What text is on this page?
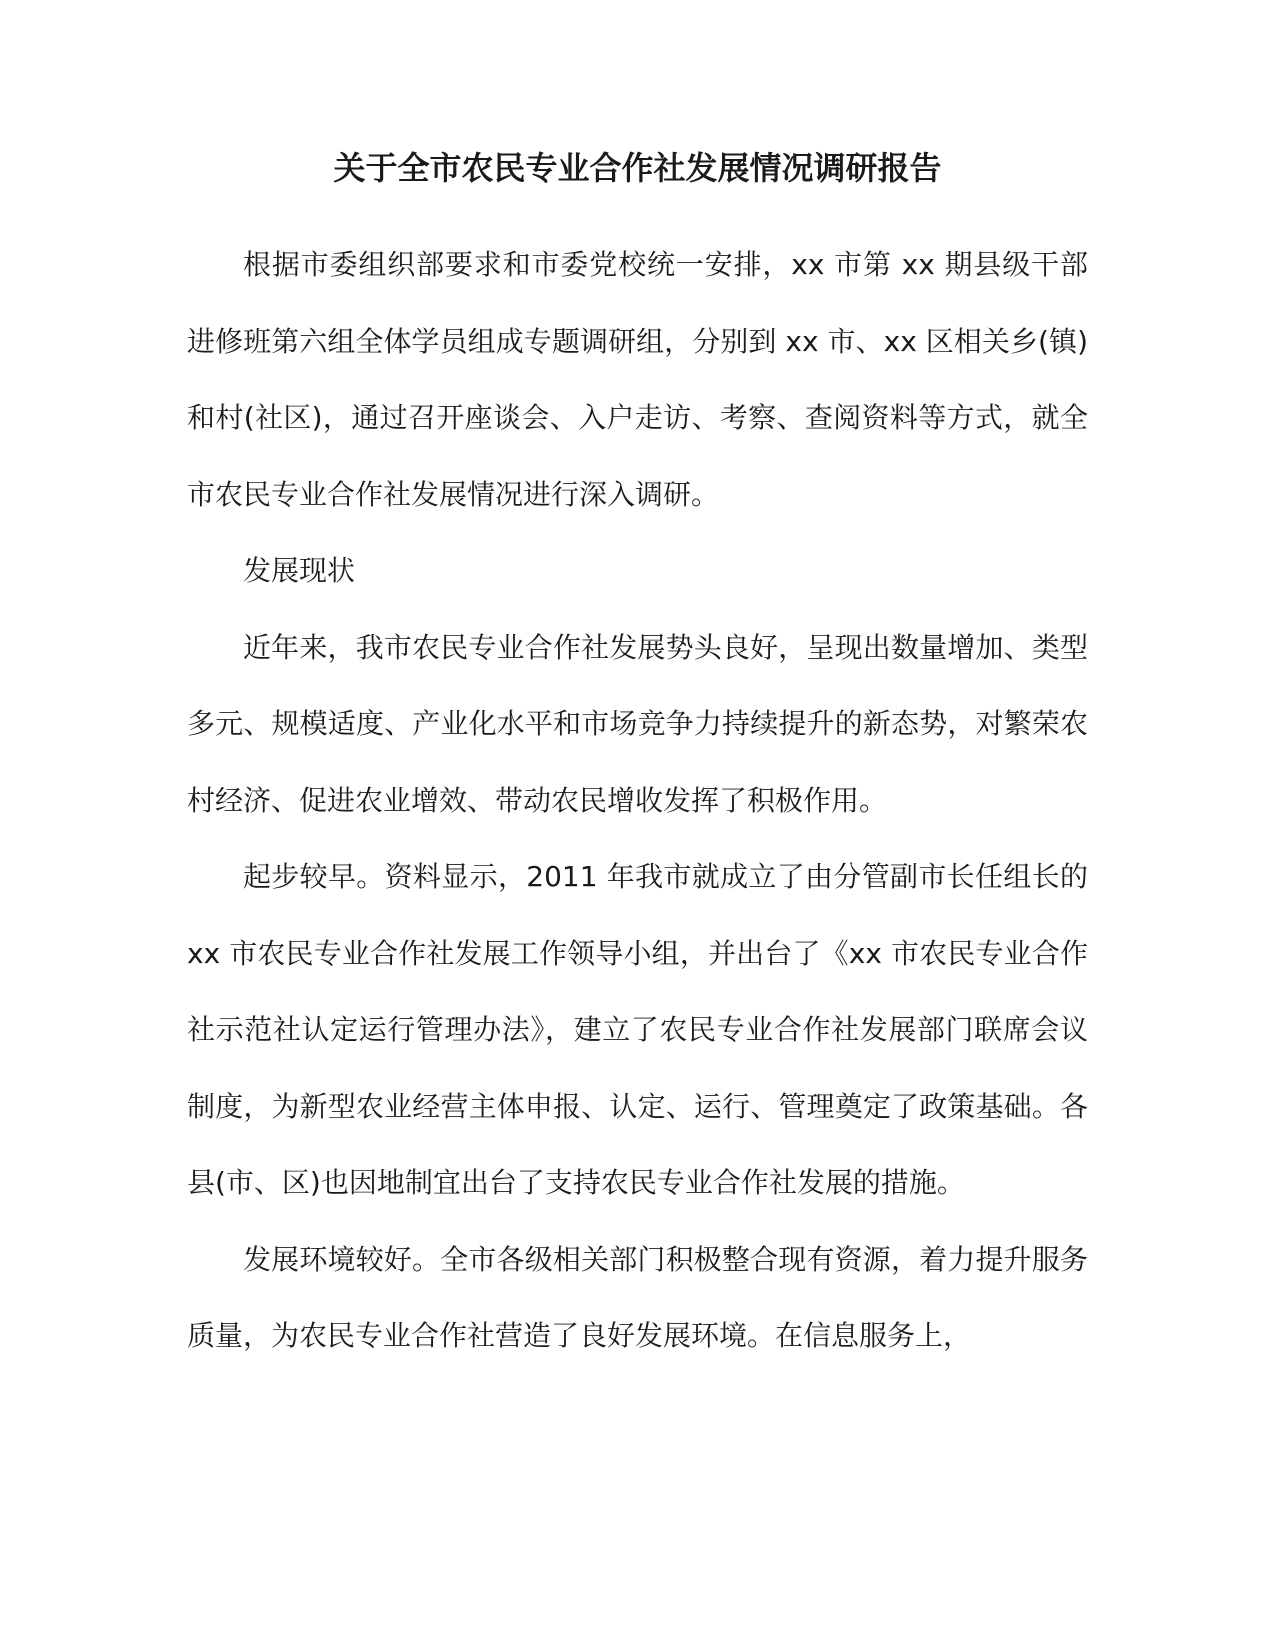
关于全市农民专业合作社发展情况调研报告

根据市委组织部要求和市委党校统一安排，xx 市第 xx 期县级干部进修班第六组全体学员组成专题调研组，分别到 xx 市、xx 区相关乡(镇)和村(社区)，通过召开座谈会、入户走访、考察、查阅资料等方式，就全市农民专业合作社发展情况进行深入调研。

发展现状

近年来，我市农民专业合作社发展势头良好，呈现出数量增加、类型多元、规模适度、产业化水平和市场竞争力持续提升的新态势，对繁荣农村经济、促进农业增效、带动农民增收发挥了积极作用。

起步较早。资料显示，2011 年我市就成立了由分管副市长任组长的 xx 市农民专业合作社发展工作领导小组，并出台了《xx 市农民专业合作社示范社认定运行管理办法》，建立了农民专业合作社发展部门联席会议制度，为新型农业经营主体申报、认定、运行、管理奠定了政策基础。各县(市、区)也因地制宜出台了支持农民专业合作社发展的措施。

发展环境较好。全市各级相关部门积极整合现有资源，着力提升服务质量，为农民专业合作社营造了良好发展环境。在信息服务上，
